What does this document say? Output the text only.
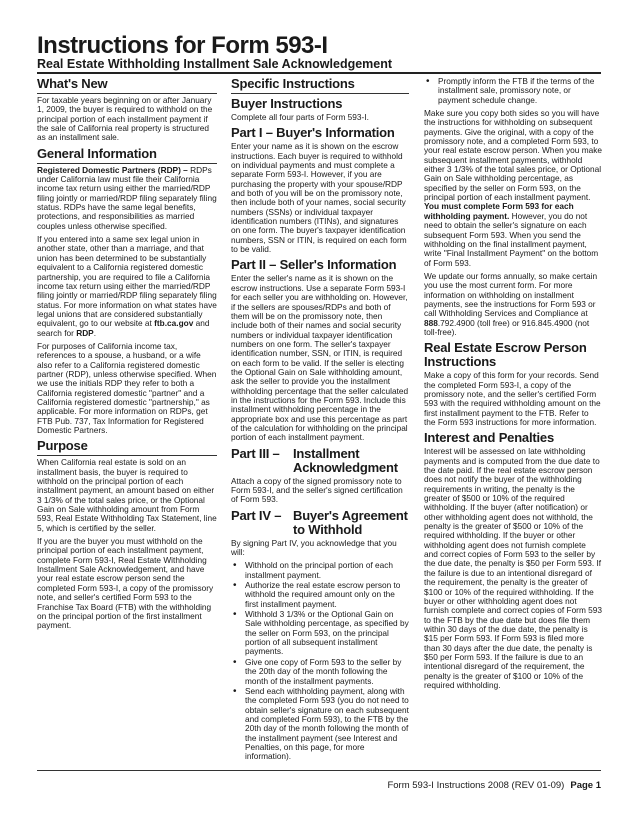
Instructions for Form 593-I
Real Estate Withholding Installment Sale Acknowledgement
What's New

For taxable years beginning on or after January 1, 2009, the buyer is required to withhold on the principal portion of each installment payment if the sale of California real property is structured as an installment sale.

General Information

Registered Domestic Partners (RDP) – RDPs under California law must file their California income tax return using either the married/RDP filing jointly or married/RDP filing separately filing status. RDPs have the same legal benefits, protections, and responsibilities as married couples unless otherwise specified.

If you entered into a same sex legal union in another state, other than a marriage, and that union has been determined to be substantially equivalent to a California registered domestic partnership, you are required to file a California income tax return using either the married/RDP filing jointly or married/RDP filing separately filing status. For more information on what states have legal unions that are considered substantially equivalent, go to our website at ftb.ca.gov and search for RDP.

For purposes of California income tax, references to a spouse, a husband, or a wife also refer to a California registered domestic partner (RDP), unless otherwise specified. When we use the initials RDP they refer to both a California registered domestic "partner" and a California registered domestic "partnership," as applicable. For more information on RDPs, get FTB Pub. 737, Tax Information for Registered Domestic Partners.

Purpose

When California real estate is sold on an installment basis, the buyer is required to withhold on the principal portion of each installment payment, an amount based on either 3 1/3% of the total sales price, or the Optional Gain on Sale withholding amount from Form 593, Real Estate Withholding Tax Statement, line 5, which is certified by the seller.

If you are the buyer you must withhold on the principal portion of each installment payment, complete Form 593-I, Real Estate Withholding Installment Sale Acknowledgement, and have your real estate escrow person send the completed Form 593-I, a copy of the promissory note, and seller's certified Form 593 to the Franchise Tax Board (FTB) with the withholding on the principal portion of the first installment payment.

Specific Instructions
Buyer Instructions

Complete all four parts of Form 593-I.

Part I – Buyer's Information

Enter your name as it is shown on the escrow instructions. Each buyer is required to withhold on individual payments and must complete a separate Form 593-I. However, if you are purchasing the property with your spouse/RDP and both of you will be on the promissory note, then include both of your names, social security numbers (SSNs) or individual taxpayer identification numbers (ITINs), and signatures on one form. The buyer's taxpayer identification numbers, SSN or ITIN, is required on each form to be valid.

Part II – Seller's Information

Enter the seller's name as it is shown on the escrow instructions. Use a separate Form 593-I for each seller you are withholding on. However, if the sellers are spouses/RDPs and both of them will be on the promissory note, then include both of their names and social security numbers or individual taxpayer identification numbers on one form. The seller's taxpayer identification number, SSN, or ITIN, is required on each form to be valid. If the seller is electing the Optional Gain on Sale withholding amount, ask the seller to provide you the installment withholding percentage that the seller calculated in the instructions for the Form 593. Include this installment withholding percentage in the appropriate box and use this percentage as part of the calculation for withholding on the principal portion of each installment payment.

Part III –	Installment Acknowledgment

Attach a copy of the signed promissory note to Form 593-I, and the seller's signed certification of Form 593.

Part IV – Buyer's Agreement to Withhold

By signing Part IV, you acknowledge that you will:

• Withhold on the principal portion of each installment payment.
• Authorize the real estate escrow person to withhold the required amount only on the first installment payment.
• Withhold 3 1/3% or the Optional Gain on Sale withholding percentage, as specified by the seller on Form 593, on the principal portion of all subsequent installment payments.
• Give one copy of Form 593 to the seller by the 20th day of the month following the month of the installment payments.
• Send each withholding payment, along with the completed Form 593 (you do not need to obtain seller's signature on each subsequent and completed Form 593), to the FTB by the 20th day of the month following the month of the installment payment (see Interest and Penalties, on this page, for more information).
• Promptly inform the FTB if the terms of the installment sale, promissory note, or payment schedule change.

Make sure you copy both sides so you will have the instructions for withholding on subsequent payments. Give the original, with a copy of the promissory note, and a completed Form 593, to your real estate escrow person. When you make subsequent installment payments, withhold either 3 1/3% of the total sales price, or Optional Gain on Sale withholding percentage, as specified by the seller on Form 593, on the principal portion of each installment payment. You must complete Form 593 for each withholding payment. However, you do not need to obtain the seller's signature on each subsequent Form 593. When you send the withholding on the final installment payment, write "Final Installment Payment" on the bottom of Form 593.

We update our forms annually, so make certain you use the most current form. For more information on withholding on installment payments, see the instructions for Form 593 or call Withholding Services and Compliance at 888.792.4900 (toll free) or 916.845.4900 (not toll-free).

Real Estate Escrow Person Instructions

Make a copy of this form for your records. Send the completed Form 593-I, a copy of the promissory note, and the seller's certified Form 593 with the required withholding amount on the first installment payment to the FTB. Refer to the Form 593 instructions for more information.

Interest and Penalties

Interest will be assessed on late withholding payments and is computed from the due date to the date paid. If the real estate escrow person does not notify the buyer of the withholding requirements in writing, the penalty is the greater of $500 or 10% of the required withholding. If the buyer (after notification) or other withholding agent does not withhold, the penalty is the greater of $500 or 10% of the required withholding. If the buyer or other withholding agent does not furnish complete and correct copies of Form 593 to the seller by the due date, the penalty is $50 per Form 593. If the failure is due to an intentional disregard of the requirement, the penalty is the greater of $100 or 10% of the required withholding. If the buyer or other withholding agent does not furnish complete and correct copies of Form 593 to the FTB by the due date but does file them within 30 days of the due date, the penalty is $15 per Form 593. If Form 593 is filed more than 30 days after the due date, the penalty is $50 per Form 593. If the failure is due to an intentional disregard of the requirement, the penalty is the greater of $100 or 10% of the required withholding.

Form 593-I Instructions 2008 (REV 01-09) Page 1
